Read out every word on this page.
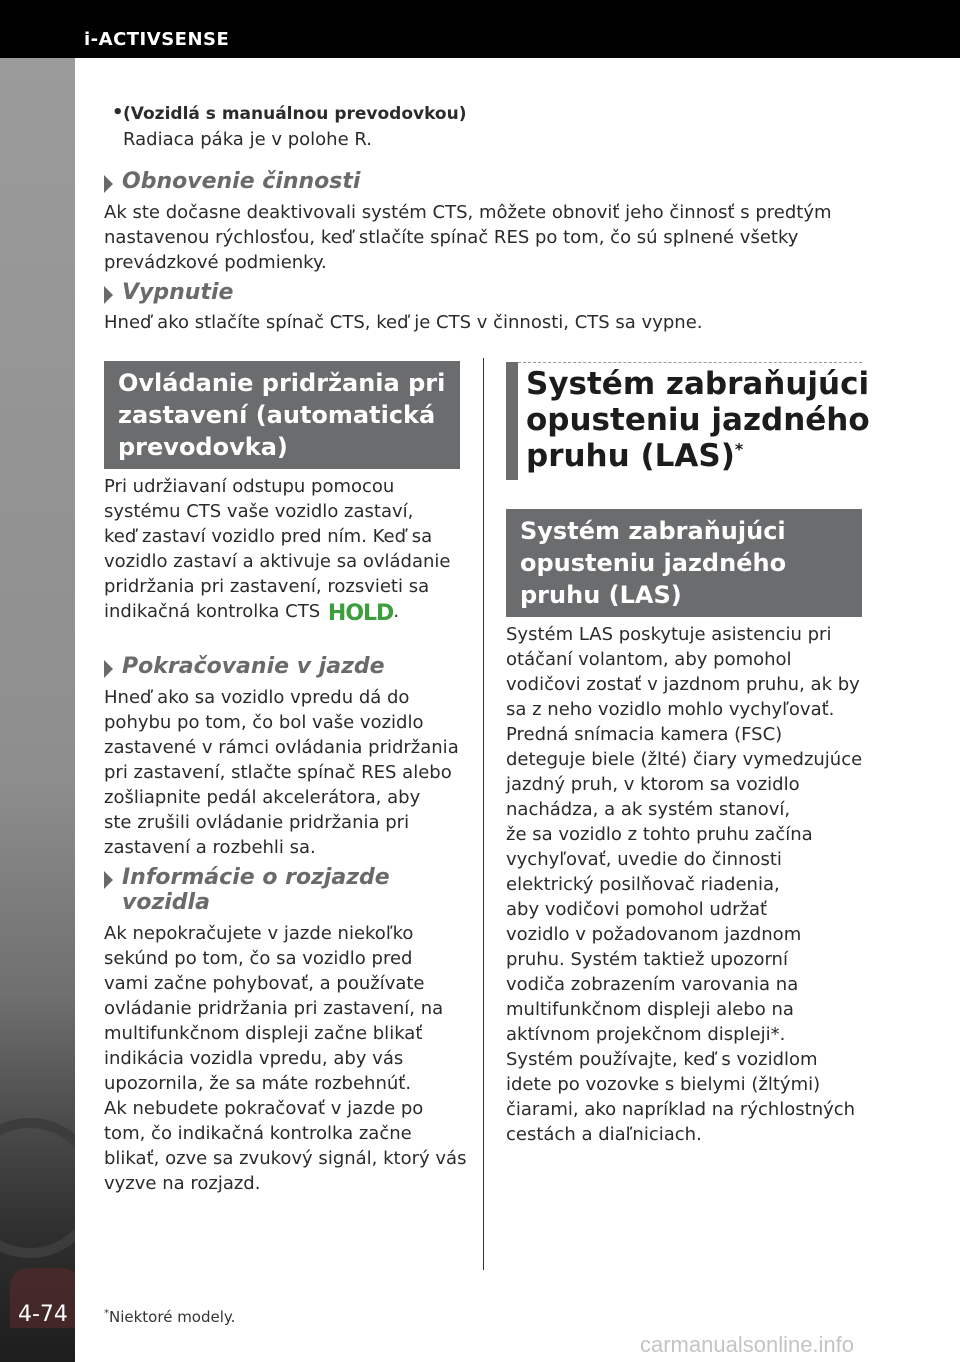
i-ACTIVSENSE
4-74
• (Vozidlá s manuálnou prevodovkou)
Radiaca páka je v polohe R.
Obnovenie činnosti
Ak ste dočasne deaktivovali systém CTS, môžete obnoviť jeho činnosť s predtým
nastavenou rýchlosťou, keď stlačíte spínač RES po tom, čo sú splnené všetky
prevádzkové podmienky.
Vypnutie
Hneď ako stlačíte spínač CTS, keď je CTS v činnosti, CTS sa vypne.
Ovládanie pridržania pri
zastavení (automatická
prevodovka)
Pri udržiavaní odstupu pomocou
systému CTS vaše vozidlo zastaví,
keď zastaví vozidlo pred ním. Keď sa
vozidlo zastaví a aktivuje sa ovládanie
pridržania pri zastavení, rozsvieti sa
indikačná kontrolka CTS HOLD.
Pokračovanie v jazde
Hneď ako sa vozidlo vpredu dá do
pohybu po tom, čo bol vaše vozidlo
zastavené v rámci ovládania pridržania
pri zastavení, stlačte spínač RES alebo
zošliapnite pedál akcelerátora, aby
ste zrušili ovládanie pridržania pri
zastavení a rozbehli sa.
Informácie o rozjazde
vozidla
Ak nepokračujete v jazde niekoľko
sekúnd po tom, čo sa vozidlo pred
vami začne pohybovať, a používate
ovládanie pridržania pri zastavení, na
multifunkčnom displeji začne blikať
indikácia vozidla vpredu, aby vás
upozornila, že sa máte rozbehnúť.
Ak nebudete pokračovať v jazde po
tom, čo indikačná kontrolka začne
blikať, ozve sa zvukový signál, ktorý vás
vyzve na rozjazd.
Systém zabraňujúci
opusteniu jazdného
pruhu (LAS)*
Systém zabraňujúci
opusteniu jazdného
pruhu (LAS)
Systém LAS poskytuje asistenciu pri
otáčaní volantom, aby pomohol
vodičovi zostať v jazdnom pruhu, ak by
sa z neho vozidlo mohlo vychyľovať.
Predná snímacia kamera (FSC)
deteguje biele (žlté) čiary vymedzujúce
jazdný pruh, v ktorom sa vozidlo
nachádza, a ak systém stanoví,
že sa vozidlo z tohto pruhu začína
vychyľovať, uvedie do činnosti
elektrický posilňovač riadenia,
aby vodičovi pomohol udržať
vozidlo v požadovanom jazdnom
pruhu. Systém taktiež upozorní
vodiča zobrazením varovania na
multifunkčnom displeji alebo na
aktívnom projekčnom displeji*.
Systém používajte, keď s vozidlom
idete po vozovke s bielymi (žltými)
čiarami, ako napríklad na rýchlostných
cestách a diaľniciach.
*Niektoré modely.
carmanualsonline.info
